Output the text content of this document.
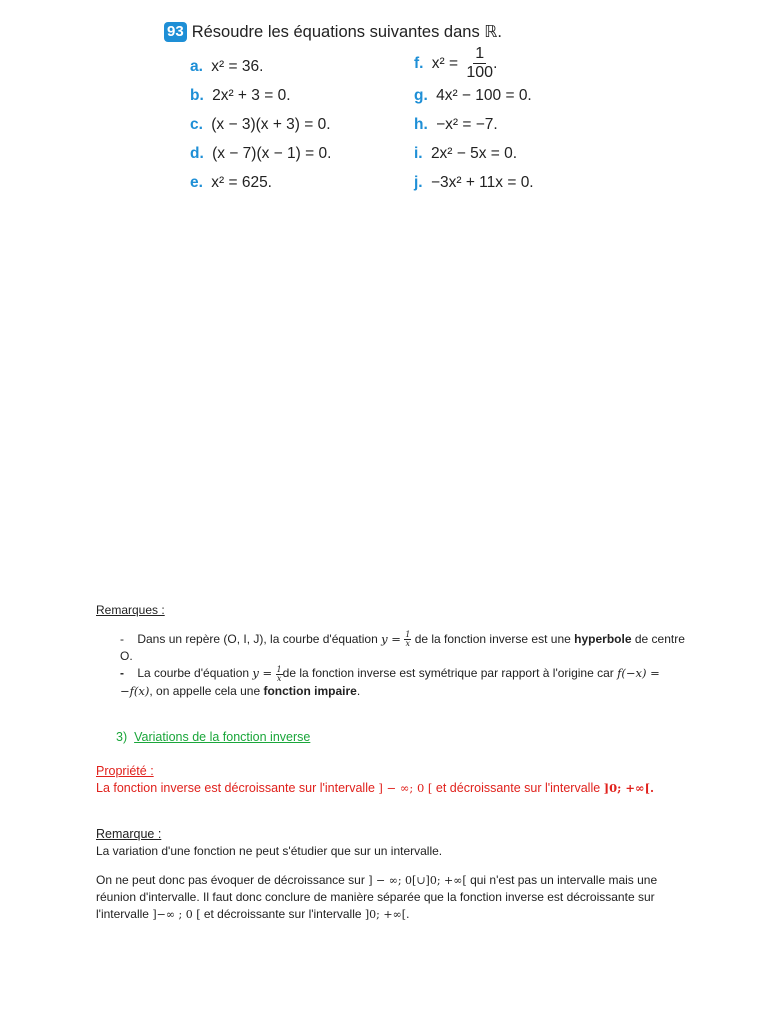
93 Résoudre les équations suivantes dans ℝ.
a. x² = 36.
b. 2x² + 3 = 0.
c. (x − 3)(x + 3) = 0.
d. (x − 7)(x − 1) = 0.
e. x² = 625.
f. $x^2 = \frac{1}{100}$ .
g. 4x² − 100 = 0.
h. −x² = −7.
i. 2x² − 5x = 0.
j. −3x² + 11x = 0.
Remarques :
-    Dans un repère (O, I, J), la courbe d'équation $y = \frac{1}{x}$ de la fonction inverse est une hyperbole de centre O.
-    La courbe d'équation $y = \frac{1}{x}$ de la fonction inverse est symétrique par rapport à l'origine car f(−x) = −f(x), on appelle cela une fonction impaire.
3) Variations de la fonction inverse
Propriété :
La fonction inverse est décroissante sur l'intervalle ] − ∞; 0 [ et décroissante sur l'intervalle ]0; +∞[.
Remarque :

La variation d'une fonction ne peut s'étudier que sur un intervalle.

On ne peut donc pas évoquer de décroissance sur ] − ∞; 0[∪]0; +∞[ qui n'est pas un intervalle mais une réunion d'intervalle. Il faut donc conclure de manière séparée que la fonction inverse est décroissante sur l'intervalle ]−∞ ; 0 [ et décroissante sur l'intervalle ]0; +∞[.
